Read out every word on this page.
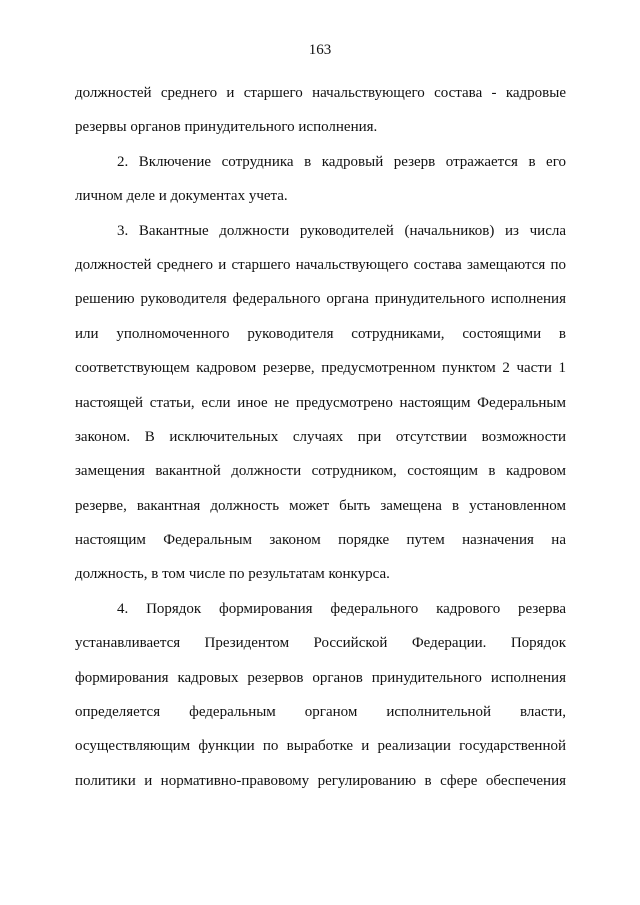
163
должностей среднего и старшего начальствующего состава - кадровые
резервы органов принудительного исполнения.
2. Включение сотрудника в кадровый резерв отражается в его
личном деле и документах учета.
3. Вакантные должности руководителей (начальников) из числа
должностей среднего и старшего начальствующего состава замещаются по
решению руководителя федерального органа принудительного исполнения
или уполномоченного руководителя сотрудниками, состоящими в
соответствующем кадровом резерве, предусмотренном пунктом 2 части 1
настоящей статьи, если иное не предусмотрено настоящим Федеральным
законом. В исключительных случаях при отсутствии возможности
замещения вакантной должности сотрудником, состоящим в кадровом
резерве, вакантная должность может быть замещена в установленном
настоящим Федеральным законом порядке путем назначения на
должность, в том числе по результатам конкурса.
4. Порядок формирования федерального кадрового резерва
устанавливается Президентом Российской Федерации. Порядок
формирования кадровых резервов органов принудительного исполнения
определяется федеральным органом исполнительной власти,
осуществляющим функции по выработке и реализации государственной
политики и нормативно-правовому регулированию в сфере обеспечения
